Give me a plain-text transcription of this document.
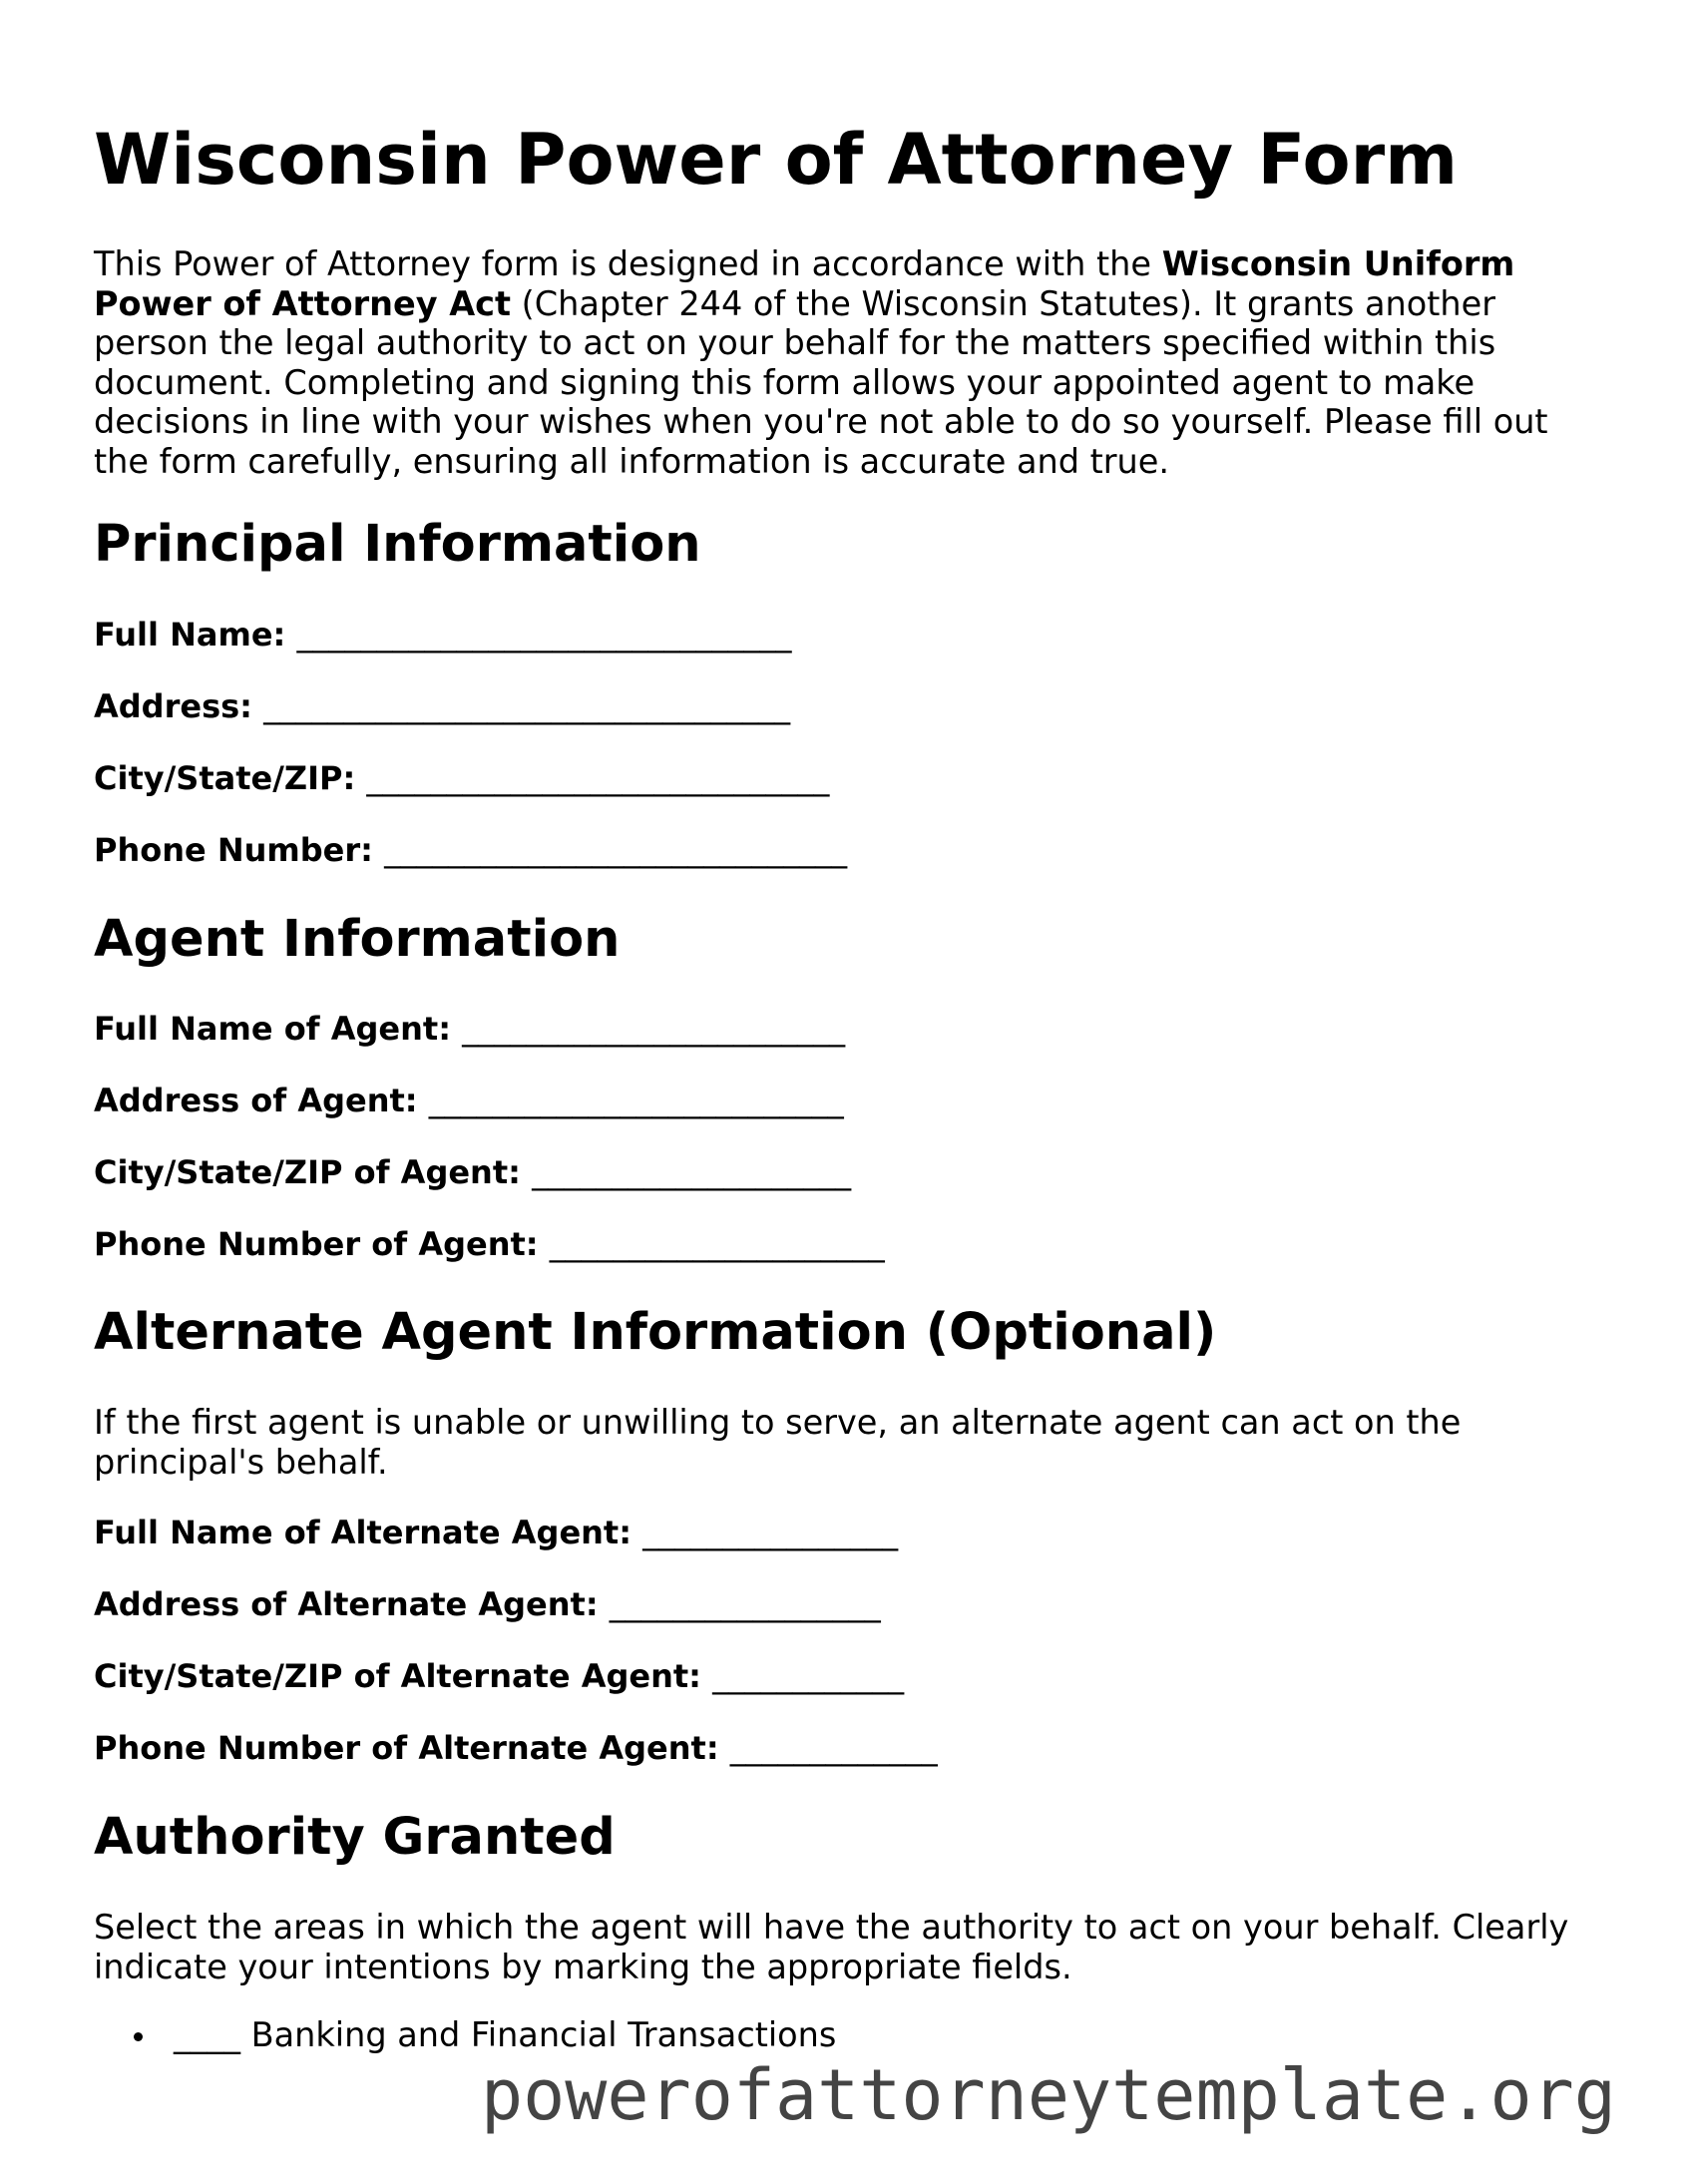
Wisconsin Power of Attorney Form

This Power of Attorney form is designed in accordance with the Wisconsin Uniform Power of Attorney Act (Chapter 244 of the Wisconsin Statutes). It grants another person the legal authority to act on your behalf for the matters specified within this document. Completing and signing this form allows your appointed agent to make decisions in line with your wishes when you're not able to do so yourself. Please fill out the form carefully, ensuring all information is accurate and true.

Principal Information

Full Name: _______________________________

Address: _________________________________

City/State/ZIP: _____________________________

Phone Number: _____________________________

Agent Information

Full Name of Agent: ________________________

Address of Agent: __________________________

City/State/ZIP of Agent: ____________________

Phone Number of Agent: _____________________

Alternate Agent Information (Optional)

If the first agent is unable or unwilling to serve, an alternate agent can act on the principal's behalf.

Full Name of Alternate Agent: ________________

Address of Alternate Agent: _________________

City/State/ZIP of Alternate Agent: ____________

Phone Number of Alternate Agent: _____________

Authority Granted

Select the areas in which the agent will have the authority to act on your behalf. Clearly indicate your intentions by marking the appropriate fields.

____ Banking and Financial Transactions
powerofattorneytemplate.org
